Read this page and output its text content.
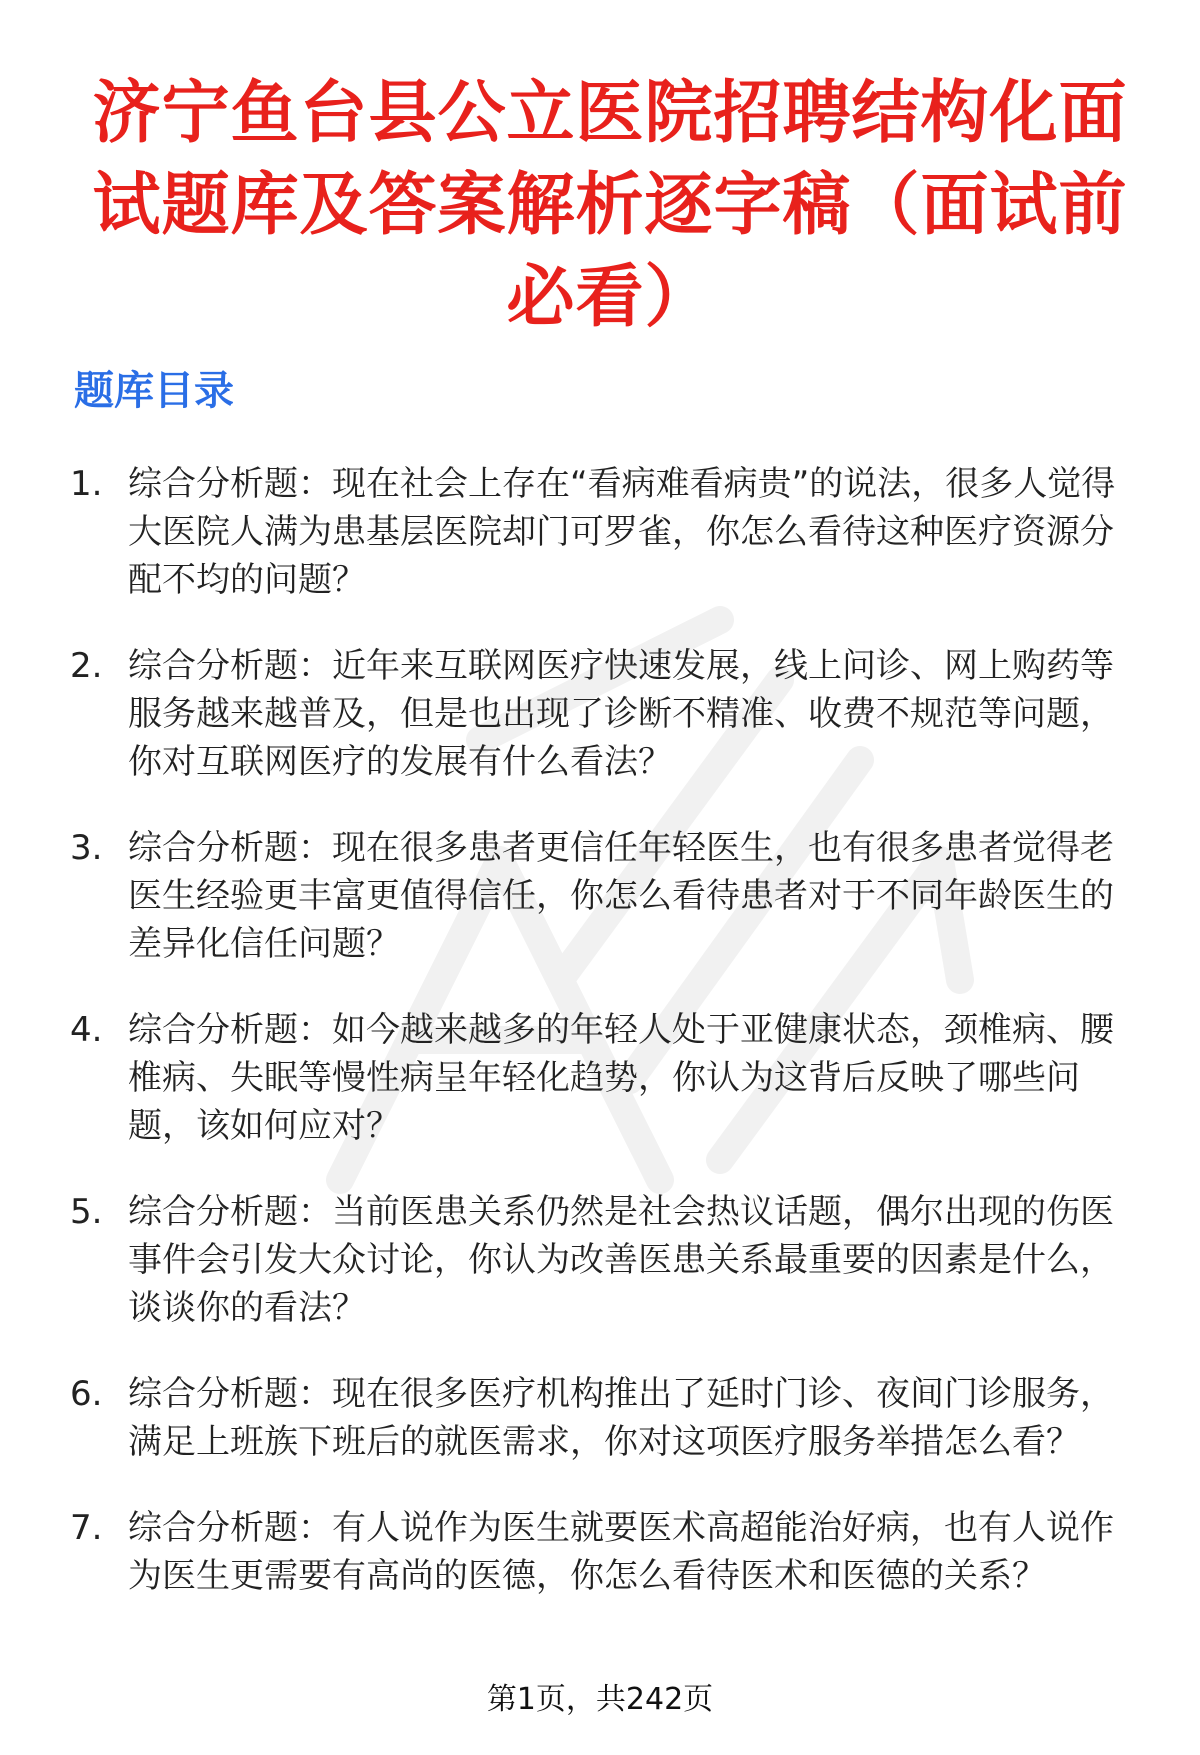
济宁鱼台县公立医院招聘结构化面试题库及答案解析逐字稿（面试前必看）
题库目录
1. 综合分析题：现在社会上存在“看病难看病贵”的说法，很多人觉得大医院人满为患基层医院却门可罗雀，你怎么看待这种医疗资源分配不均的问题？
2. 综合分析题：近年来互联网医疗快速发展，线上问诊、网上购药等服务越来越普及，但是也出现了诊断不精准、收费不规范等问题，你对互联网医疗的发展有什么看法？
3. 综合分析题：现在很多患者更信任年轻医生，也有很多患者觉得老医生经验更丰富更值得信任，你怎么看待患者对于不同年龄医生的差异化信任问题？
4. 综合分析题：如今越来越多的年轻人处于亚健康状态，颈椎病、腰椎病、失眠等慢性病呈年轻化趋势，你认为这背后反映了哪些问题，该如何应对？
5. 综合分析题：当前医患关系仍然是社会热议话题，偶尔出现的伤医事件会引发大众讨论，你认为改善医患关系最重要的因素是什么，谈谈你的看法？
6. 综合分析题：现在很多医疗机构推出了延时门诊、夜间门诊服务，满足上班族下班后的就医需求，你对这项医疗服务举措怎么看？
7. 综合分析题：有人说作为医生就要医术高超能治好病，也有人说作为医生更需要有高尚的医德，你怎么看待医术和医德的关系？
第1页，共242页
